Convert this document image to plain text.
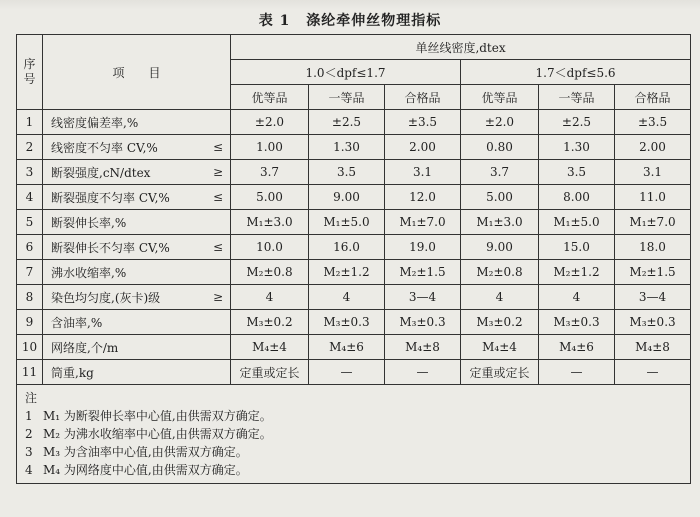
表 1 涤纶牵伸丝物理指标
序号	项　　目	单丝线密度,dtex					
		1.0＜dpf≤1.7			1.7＜dpf≤5.6		
		优等品	一等品	合格品	优等品	一等品	合格品
1	线密度偏差率,%	±2.0	±2.5	±3.5	±2.0	±2.5	±3.5
2	线密度不匀率 CV,% ≤	1.00	1.30	2.00	0.80	1.30	2.00
3	断裂强度,cN/dtex ≥	3.7	3.5	3.1	3.7	3.5	3.1
4	断裂强度不匀率 CV,% ≤	5.00	9.00	12.0	5.00	8.00	11.0
5	断裂伸长率,%	M₁±3.0	M₁±5.0	M₁±7.0	M₁±3.0	M₁±5.0	M₁±7.0
6	断裂伸长不匀率 CV,% ≤	10.0	16.0	19.0	9.00	15.0	18.0
7	沸水收缩率,%	M₂±0.8	M₂±1.2	M₂±1.5	M₂±0.8	M₂±1.2	M₂±1.5
8	染色均匀度,(灰卡)级 ≥	4	4	3—4	4	4	3—4
9	含油率,%	M₃±0.2	M₃±0.3	M₃±0.3	M₃±0.2	M₃±0.3	M₃±0.3
10	网络度,个/m	M₄±4	M₄±6	M₄±8	M₄±4	M₄±6	M₄±8
11	筒重,kg	定重或定长	—	—	定重或定长	—	—

注
1 M₁ 为断裂伸长率中心值,由供需双方确定。
2 M₂ 为沸水收缩率中心值,由供需双方确定。
3 M₃ 为含油率中心值,由供需双方确定。
4 M₄ 为网络度中心值,由供需双方确定。							
